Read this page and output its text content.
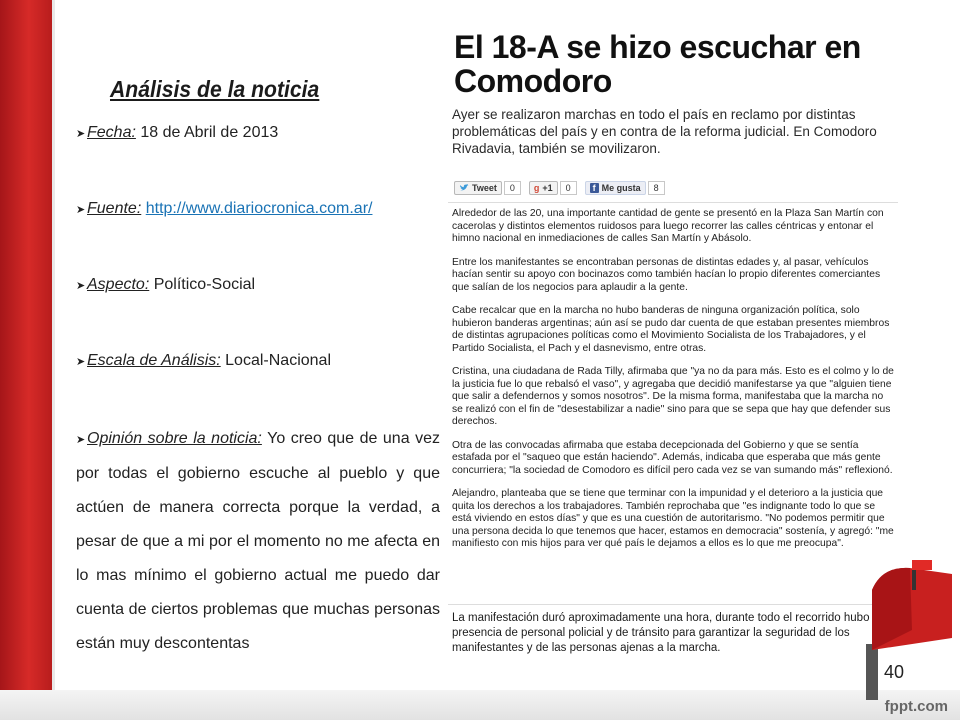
fppt.com
Análisis de la noticia
➤ Fecha: 18 de Abril de 2013
➤ Fuente: http://www.diariocronica.com.ar/
➤ Aspecto: Político-Social
➤ Escala de Análisis: Local-Nacional
➤ Opinión sobre la noticia: Yo creo que de una vez por todas el gobierno escuche al pueblo y que actúen de manera correcta porque la verdad, a pesar de que a mi por el momento no me afecta en lo mas mínimo el gobierno actual me puedo dar cuenta de ciertos problemas que muchas personas están muy descontentas
El 18-A se hizo escuchar en Comodoro
Ayer se realizaron marchas en todo el país en reclamo por distintas problemáticas del país y en contra de la reforma judicial. En Comodoro Rivadavia, también se movilizaron.
Tweet	0	g +1	0	f Me gusta	8

Alrededor de las 20, una importante cantidad de gente se presentó en la Plaza San Martín con cacerolas y distintos elementos ruidosos para luego recorrer las calles céntricas y entonar el himno nacional en inmediaciones de calles San Martín y Abásolo.

Entre los manifestantes se encontraban personas de distintas edades y, al pasar, vehículos hacían sentir su apoyo con bocinazos como también hacían lo propio diferentes comerciantes que salían de los negocios para aplaudir a la gente.

Cabe recalcar que en la marcha no hubo banderas de ninguna organización política, solo hubieron banderas argentinas; aún así se pudo dar cuenta de que estaban presentes miembros de distintas agrupaciones políticas como el Movimiento Socialista de los Trabajadores, y el Partido Socialista, el Pach y el dasnevismo, entre otras.

Cristina, una ciudadana de Rada Tilly, afirmaba que "ya no da para más. Esto es el colmo y lo de la justicia fue lo que rebalsó el vaso", y agregaba que decidió manifestarse ya que "alguien tiene que salir a defendernos y somos nosotros". De la misma forma, manifestaba que la marcha no se realizó con el fin de "desestabilizar a nadie" sino para que se sepa que hay que defender sus derechos.

Otra de las convocadas afirmaba que estaba decepcionada del Gobierno y que se sentía estafada por el "saqueo que están haciendo". Además, indicaba que esperaba que más gente concurriera; "la sociedad de Comodoro es difícil pero cada vez se van sumando más" reflexionó.

Alejandro, planteaba que se tiene que terminar con la impunidad y el deterioro a la justicia que quita los derechos a los trabajadores. También reprochaba que "es indignante todo lo que se está viviendo en estos días" y que es una cuestión de autoritarismo. "No podemos permitir que una persona decida lo que tenemos que hacer, estamos en democracia" sostenía, y agregó: "me manifiesto con mis hijos para ver qué país le dejamos a ellos es lo que me preocupa".

La manifestación duró aproximadamente una hora, durante todo el recorrido hubo presencia de personal policial y de tránsito para garantizar la seguridad de los manifestantes y de las personas ajenas a la marcha.
40
